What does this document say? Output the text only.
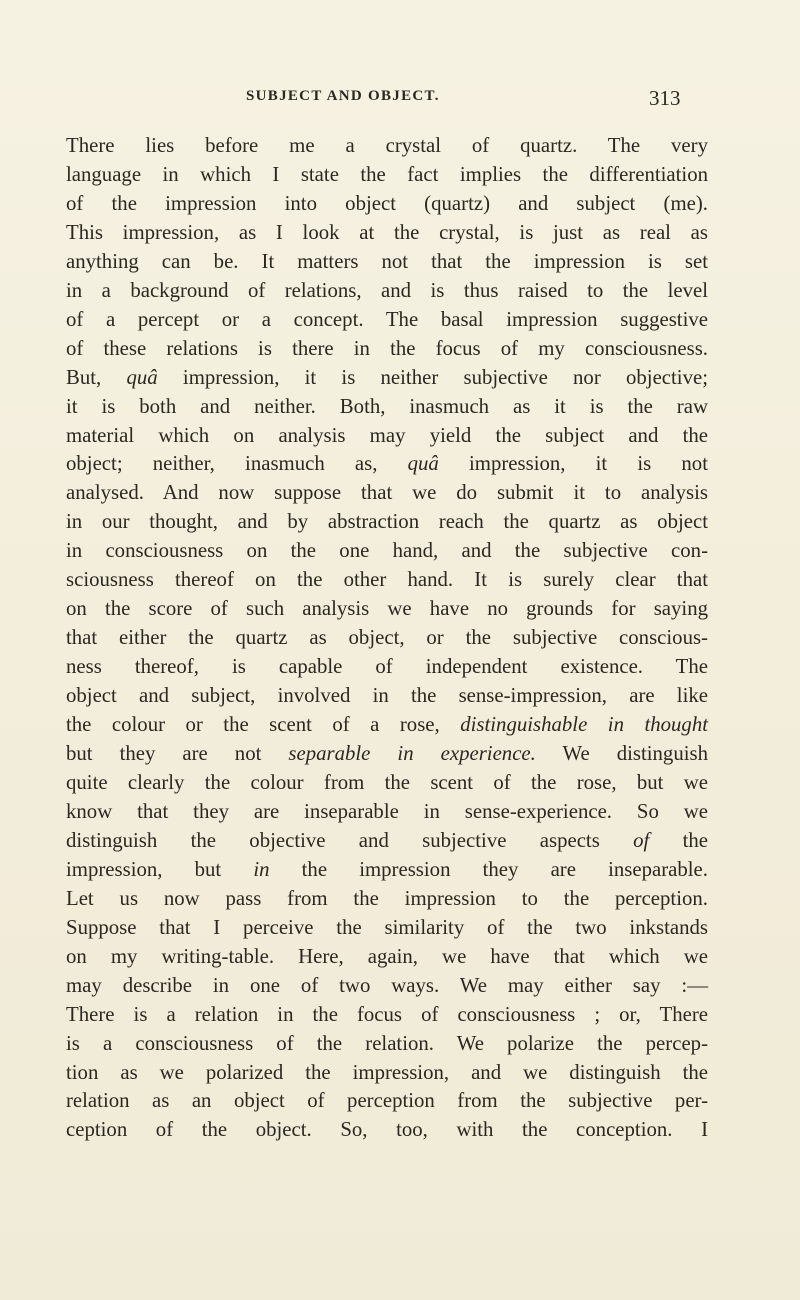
SUBJECT AND OBJECT.	313
There lies before me a crystal of quartz. The very
language in which I state the fact implies the differentiation
of the impression into object (quartz) and subject (me).
This impression, as I look at the crystal, is just as real as
anything can be. It matters not that the impression is set
in a background of relations, and is thus raised to the level
of a percept or a concept. The basal impression suggestive
of these relations is there in the focus of my consciousness.
But, quâ impression, it is neither subjective nor objective;
it is both and neither. Both, inasmuch as it is the raw
material which on analysis may yield the subject and the
object; neither, inasmuch as, quâ impression, it is not
analysed. And now suppose that we do submit it to analysis
in our thought, and by abstraction reach the quartz as object
in consciousness on the one hand, and the subjective con-
sciousness thereof on the other hand. It is surely clear that
on the score of such analysis we have no grounds for saying
that either the quartz as object, or the subjective conscious-
ness thereof, is capable of independent existence. The
object and subject, involved in the sense-impression, are like
the colour or the scent of a rose, distinguishable in thought
but they are not separable in experience. We distinguish
quite clearly the colour from the scent of the rose, but we
know that they are inseparable in sense-experience. So we
distinguish the objective and subjective aspects of the
impression, but in the impression they are inseparable.
Let us now pass from the impression to the perception.
Suppose that I perceive the similarity of the two inkstands
on my writing-table. Here, again, we have that which we
may describe in one of two ways. We may either say :—
There is a relation in the focus of consciousness ; or, There
is a consciousness of the relation. We polarize the percep-
tion as we polarized the impression, and we distinguish the
relation as an object of perception from the subjective per-
ception of the object. So, too, with the conception. I
